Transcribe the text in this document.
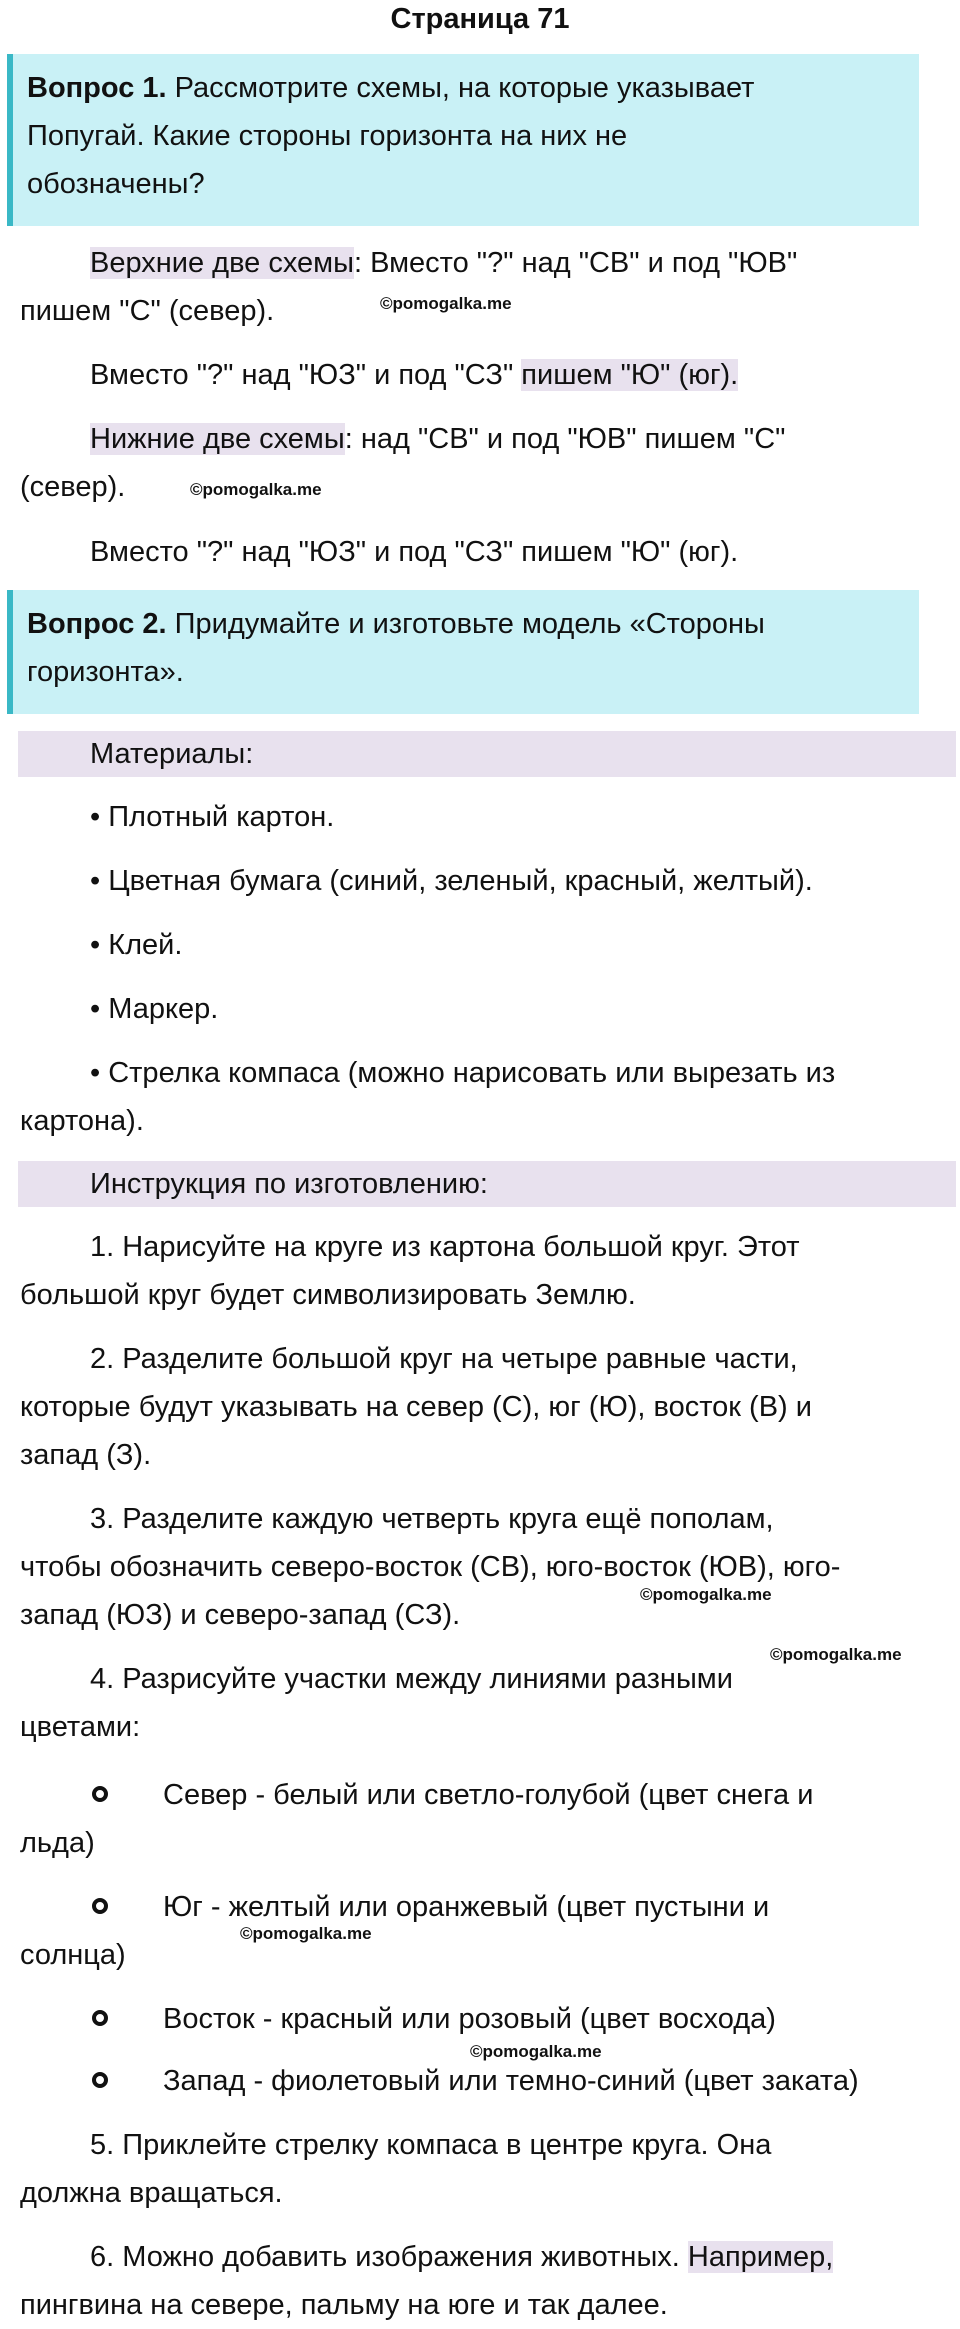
Страница 71
Вопрос 1. Рассмотрите схемы, на которые указывает
Попугай. Какие стороны горизонта на них не
обозначены?
Верхние две схемы: Вместо "?" над "СВ" и под "ЮВ"
пишем "С" (север).	©pomogalka.me
Вместо "?" над "ЮЗ" и под "СЗ" пишем "Ю" (юг).
Нижние две схемы: над "СВ" и под "ЮВ" пишем "С"
(север).	©pomogalka.me
Вместо "?" над "ЮЗ" и под "СЗ" пишем "Ю" (юг).
Вопрос 2. Придумайте и изготовьте модель «Стороны
горизонта».
Материалы:
• Плотный картон.
• Цветная бумага (синий, зеленый, красный, желтый).
• Клей.
• Маркер.
• Стрелка компаса (можно нарисовать или вырезать из
картона).
Инструкция по изготовлению:
1. Нарисуйте на круге из картона большой круг. Этот
большой круг будет символизировать Землю.
2. Разделите большой круг на четыре равные части,
которые будут указывать на север (С), юг (Ю), восток (В) и
запад (З).
3. Разделите каждую четверть круга ещё пополам,
чтобы обозначить северо-восток (СВ), юго-восток (ЮВ), юго-
запад (ЮЗ) и северо-запад (СЗ).
©pomogalka.me
©pomogalka.me
4. Разрисуйте участки между линиями разными
цветами:
Север - белый или светло-голубой (цвет снега и
льда)
Юг - желтый или оранжевый (цвет пустыни и
солнца)
©pomogalka.me
Восток - красный или розовый (цвет восхода)
©pomogalka.me
Запад - фиолетовый или темно-синий (цвет заката)
5. Приклейте стрелку компаса в центре круга. Она
должна вращаться.
6. Можно добавить изображения животных. Например,
пингвина на севере, пальму на юге и так далее.
